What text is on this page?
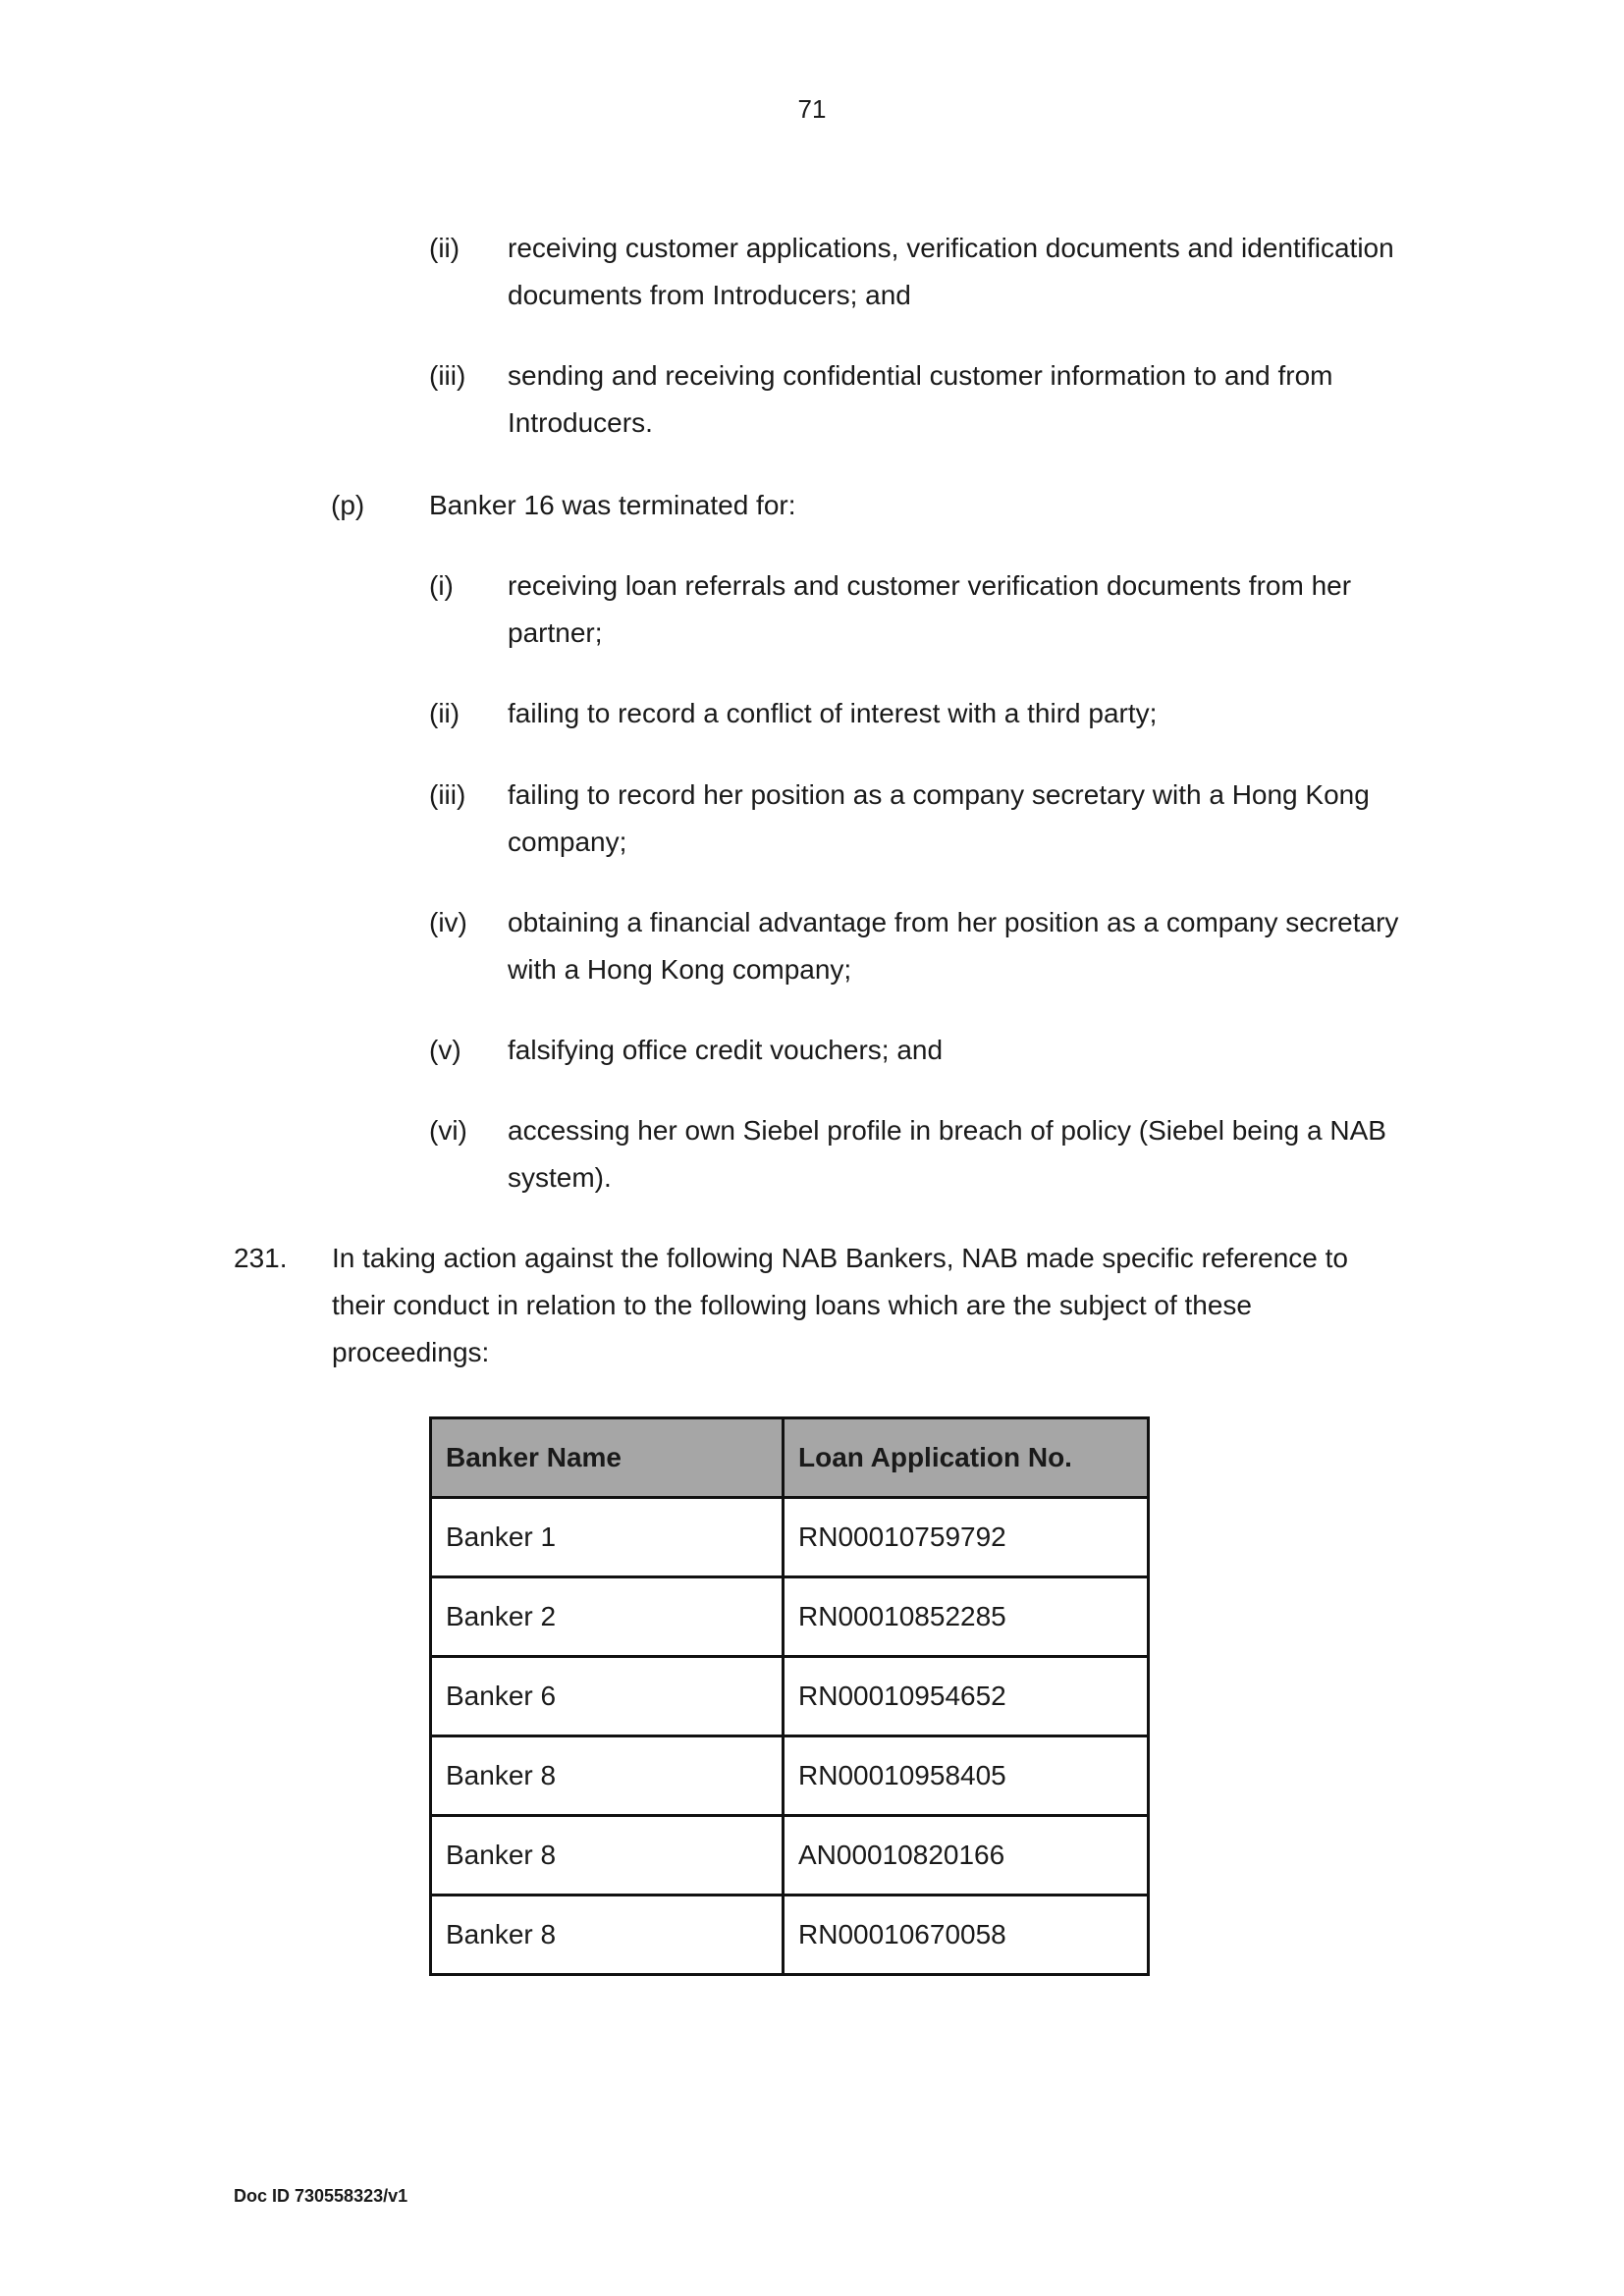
71
(ii) receiving customer applications, verification documents and identification
documents from Introducers; and
(iii) sending and receiving confidential customer information to and from
Introducers.
(p) Banker 16 was terminated for:
(i) receiving loan referrals and customer verification documents from her
partner;
(ii) failing to record a conflict of interest with a third party;
(iii) failing to record her position as a company secretary with a Hong Kong
company;
(iv) obtaining a financial advantage from her position as a company secretary
with a Hong Kong company;
(v) falsifying office credit vouchers; and
(vi) accessing her own Siebel profile in breach of policy (Siebel being a NAB
system).
231. In taking action against the following NAB Bankers, NAB made specific reference to
their conduct in relation to the following loans which are the subject of these
proceedings:
Banker Name	Loan Application No.
Banker 1	RN00010759792
Banker 2	RN00010852285
Banker 6	RN00010954652
Banker 8	RN00010958405
Banker 8	AN00010820166
Banker 8	RN00010670058
Doc ID 730558323/v1
